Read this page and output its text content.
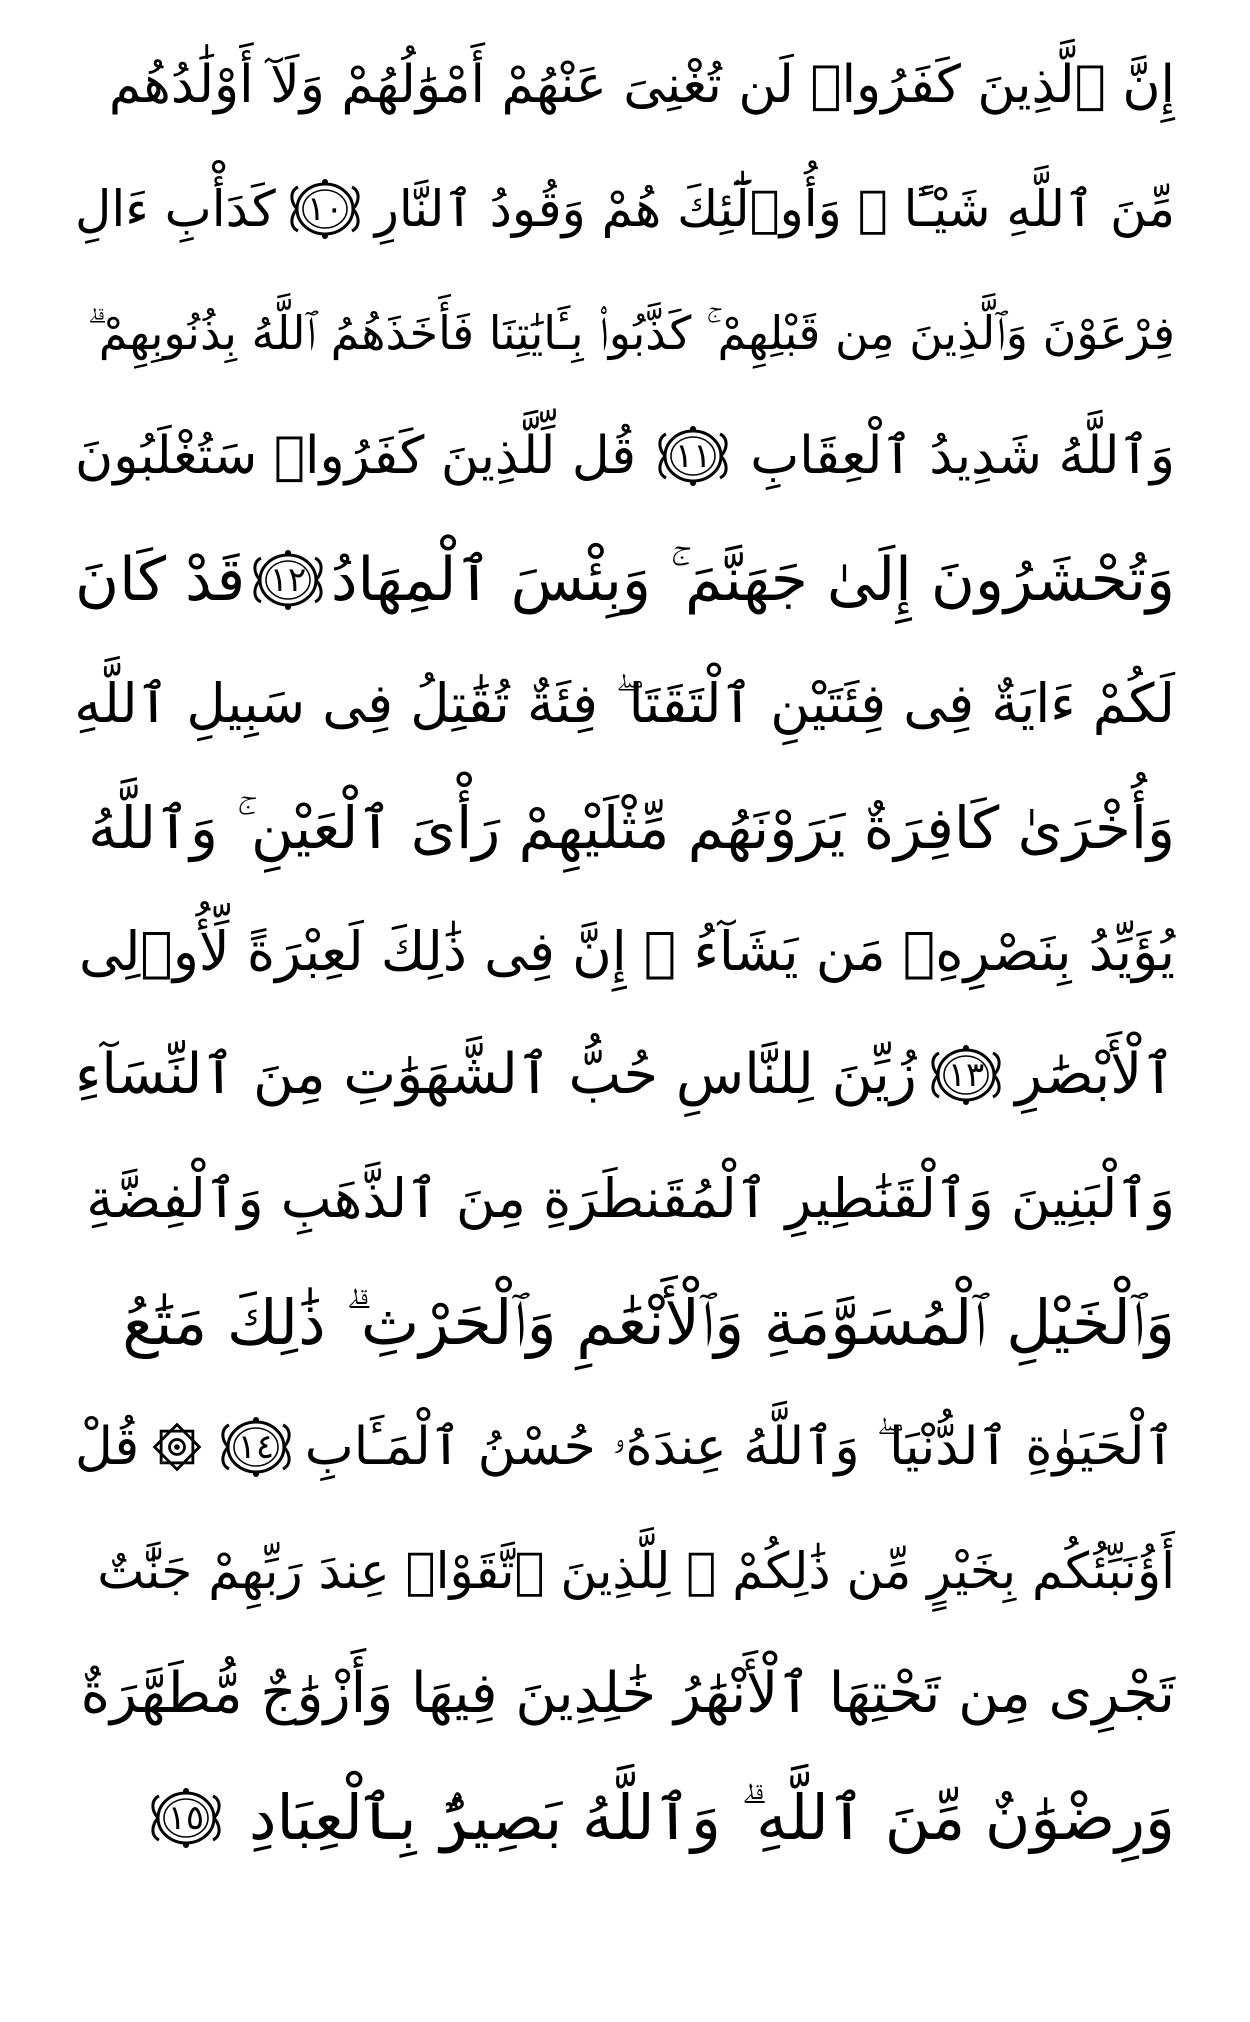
إِنَّ ٱلَّذِينَ كَفَرُوا۟ لَن تُغْنِىَ عَنْهُمْ أَمْوَٰلُهُمْ وَلَآ أَوْلَٰدُهُم
مِّنَ ٱللَّهِ شَيْـًٔا ۖ وَأُو۟لَٰٓئِكَ هُمْ وَقُودُ ٱلنَّارِ
١٠
كَدَأْبِ ءَالِ
فِرْعَوْنَ وَٱلَّذِينَ مِن قَبْلِهِمْ ۚ كَذَّبُوا۟ بِـَٔايَٰتِنَا فَأَخَذَهُمُ ٱللَّهُ بِذُنُوبِهِمْ ۗ
وَٱللَّهُ شَدِيدُ ٱلْعِقَابِ
١١
قُل لِّلَّذِينَ كَفَرُوا۟ سَتُغْلَبُونَ
وَتُحْشَرُونَ إِلَىٰ جَهَنَّمَ ۚ وَبِئْسَ ٱلْمِهَادُ
١٢
قَدْ كَانَ
لَكُمْ ءَايَةٌ فِى فِئَتَيْنِ ٱلْتَقَتَا ۖ فِئَةٌ تُقَٰتِلُ فِى سَبِيلِ ٱللَّهِ
وَأُخْرَىٰ كَافِرَةٌ يَرَوْنَهُم مِّثْلَيْهِمْ رَأْىَ ٱلْعَيْنِ ۚ وَٱللَّهُ
يُؤَيِّدُ بِنَصْرِهِۦ مَن يَشَآءُ ۗ إِنَّ فِى ذَٰلِكَ لَعِبْرَةً لِّأُو۟لِى
ٱلْأَبْصَٰرِ
١٣
زُيِّنَ لِلنَّاسِ حُبُّ ٱلشَّهَوَٰتِ مِنَ ٱلنِّسَآءِ
وَٱلْبَنِينَ وَٱلْقَنَٰطِيرِ ٱلْمُقَنطَرَةِ مِنَ ٱلذَّهَبِ وَٱلْفِضَّةِ
وَٱلْخَيْلِ ٱلْمُسَوَّمَةِ وَٱلْأَنْعَٰمِ وَٱلْحَرْثِ ۗ ذَٰلِكَ مَتَٰعُ
ٱلْحَيَوٰةِ ٱلدُّنْيَا ۖ وَٱللَّهُ عِندَهُۥ حُسْنُ ٱلْمَـَٔابِ
١٤
قُلْ
أَؤُنَبِّئُكُم بِخَيْرٍ مِّن ذَٰلِكُمْ ۚ لِلَّذِينَ ٱتَّقَوْا۟ عِندَ رَبِّهِمْ جَنَّٰتٌ
تَجْرِى مِن تَحْتِهَا ٱلْأَنْهَٰرُ خَٰلِدِينَ فِيهَا وَأَزْوَٰجٌ مُّطَهَّرَةٌ
وَرِضْوَٰنٌ مِّنَ ٱللَّهِ ۗ وَٱللَّهُ بَصِيرٌۢ بِٱلْعِبَادِ
١٥
